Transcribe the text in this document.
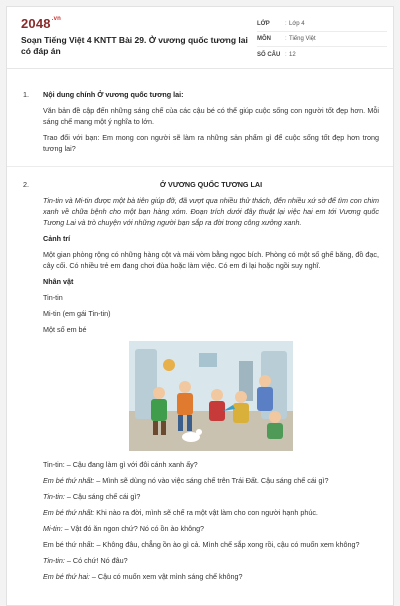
$2048^{.vn}$
Soạn Tiếng Việt 4 KNTT Bài 29. Ở vương quốc tương lai có đáp án
LỚP	: Lớp 4
MÔN	: Tiếng Việt
SỐ CÂU : 12
1. Nội dung chính Ở vương quốc tương lai:

Văn bản đề cập đến những sáng chế của các cậu bé có thể giúp cuộc sống con người tốt đẹp hơn. Mỗi sáng chế mang một ý nghĩa to lớn.

Trao đổi với bạn: Em mong con người sẽ làm ra những sản phẩm gì để cuộc sống tốt đẹp hơn trong tương lai?

2.	Ở VƯƠNG QUỐC TƯƠNG LAI

Tin-tin và Mi-tin được một bà tiên giúp đỡ, đã vượt qua nhiều thử thách, đến nhiều xứ sở để tìm con chim xanh về chữa bệnh cho một bạn hàng xóm. Đoạn trích dưới đây thuật lại việc hai em tới Vương quốc Tương Lai và trò chuyện với những người bạn sắp ra đời trong công xưởng xanh.

Cảnh trí

Một gian phòng rộng có những hàng cột và mái vòm bằng ngọc bích. Phòng có một số ghế băng, đồ đạc, cây cối. Có nhiều trẻ em đang chơi đùa hoặc làm việc. Có em đi lại hoặc ngồi suy nghĩ.

Nhân vật

Tin-tin

Mi-tin (em gái Tin-tin)

Một số em bé

Tin-tin: – Cậu đang làm gì với đôi cánh xanh ấy?

Em bé thứ nhất: – Mình sẽ dùng nó vào việc sáng chế trên Trái Đất. Cậu sáng chế cái gì?

Tin-tin: – Cậu sáng chế cái gì?

Em bé thứ nhất: Khi nào ra đời, mình sẽ chế ra một vật làm cho con người hạnh phúc.

Mi-tin: – Vật đó ăn ngon chứ? Nó có ồn ào không?

Em bé thứ nhất: – Không đâu, chẳng ồn ào gì cả. Mình chế sắp xong rồi, cậu có muốn xem không?

Tin-tin: – Có chứ! Nó đâu?

Em bé thứ hai: – Cậu có muốn xem vật mình sáng chế không?
